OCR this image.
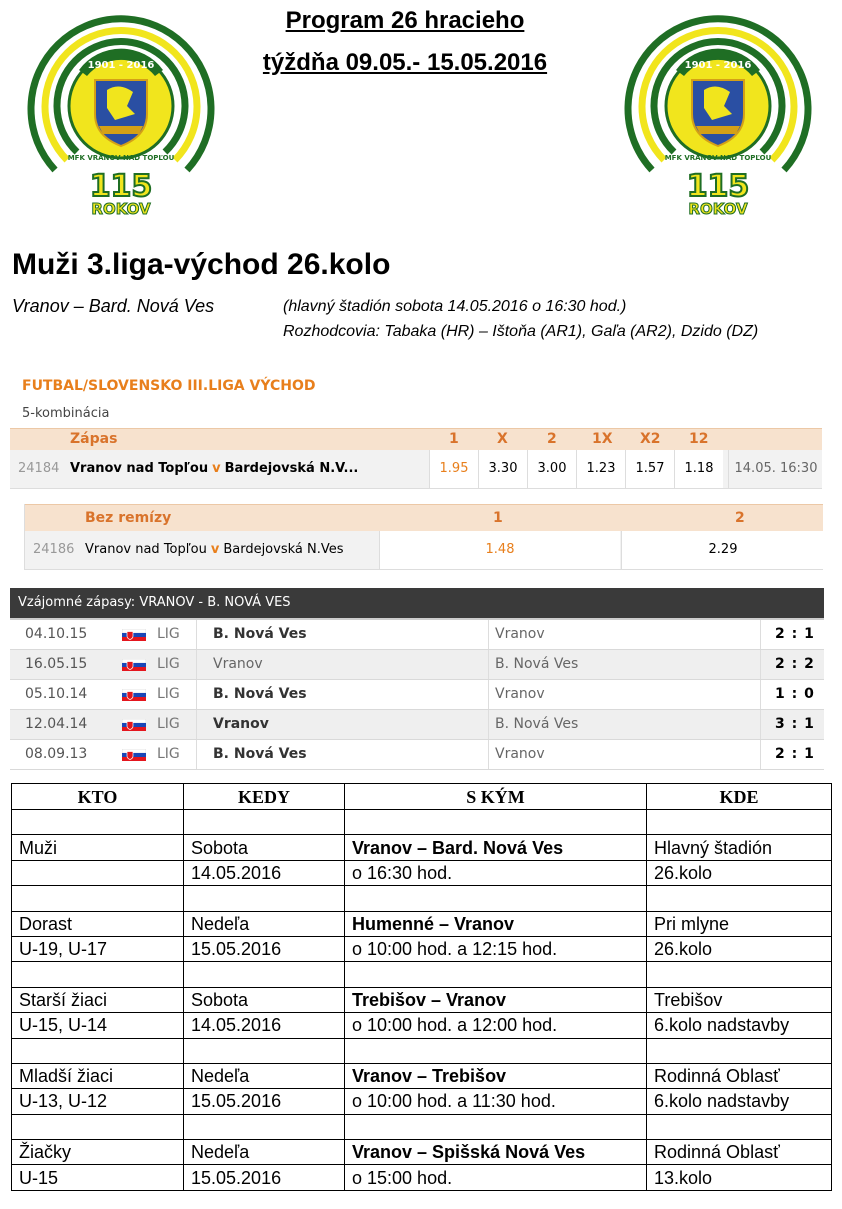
1901 - 2016
MFK VRANOV NAD TOPĽOU
115
ROKOV
1901 - 2016
MFK VRANOV NAD TOPĽOU
115
ROKOV
Program 26 hracieho
týždňa 09.05.- 15.05.2016
Muži 3.liga-východ 26.kolo
Vranov – Bard. Nová Ves	(hlavný štadión sobota 14.05.2016 o 16:30 hod.)
Rozhodcovia: Tabaka (HR) – Ištoňa (AR1), Gaľa (AR2), Dzido (DZ)
FUTBAL/SLOVENSKO III.LIGA VÝCHOD
5-kombinácia
Zápas	1	X	2	1X X2 12
24184 Vranov nad Topľou v Bardejovská N.V...	1.95	3.30	3.00	1.23	1.57	1.18	14.05. 16:30
Bez remízy	1	2
24186 Vranov nad Topľou v Bardejovská N.Ves	1.48	2.29
Vzájomné zápasy: VRANOV - B. NOVÁ VES
04.10.15	LIG B. Nová Ves	Vranov	2 : 1
16.05.15	LIG Vranov	B. Nová Ves	2 : 2
05.10.14	LIG B. Nová Ves	Vranov	1 : 0
12.04.14	LIG Vranov	B. Nová Ves	3 : 1
08.09.13	LIG B. Nová Ves	Vranov	2 : 1
KTO	KEDY	S KÝM	KDE

Muži	Sobota	Vranov – Bard. Nová Ves	Hlavný štadión
	14.05.2016	o 16:30 hod.	26.kolo

Dorast	Nedeľa	Humenné – Vranov	Pri mlyne
U-19, U-17	15.05.2016	o 10:00 hod. a 12:15 hod.	26.kolo

Starší žiaci	Sobota	Trebišov – Vranov	Trebišov
U-15, U-14	14.05.2016	o 10:00 hod. a 12:00 hod.	6.kolo nadstavby

Mladší žiaci	Nedeľa	Vranov – Trebišov	Rodinná Oblasť
U-13, U-12	15.05.2016	o 10:00 hod. a 11:30 hod.	6.kolo nadstavby

Žiačky	Nedeľa	Vranov – Spišská Nová Ves	Rodinná Oblasť
U-15	15.05.2016	o 15:00 hod.	13.kolo
